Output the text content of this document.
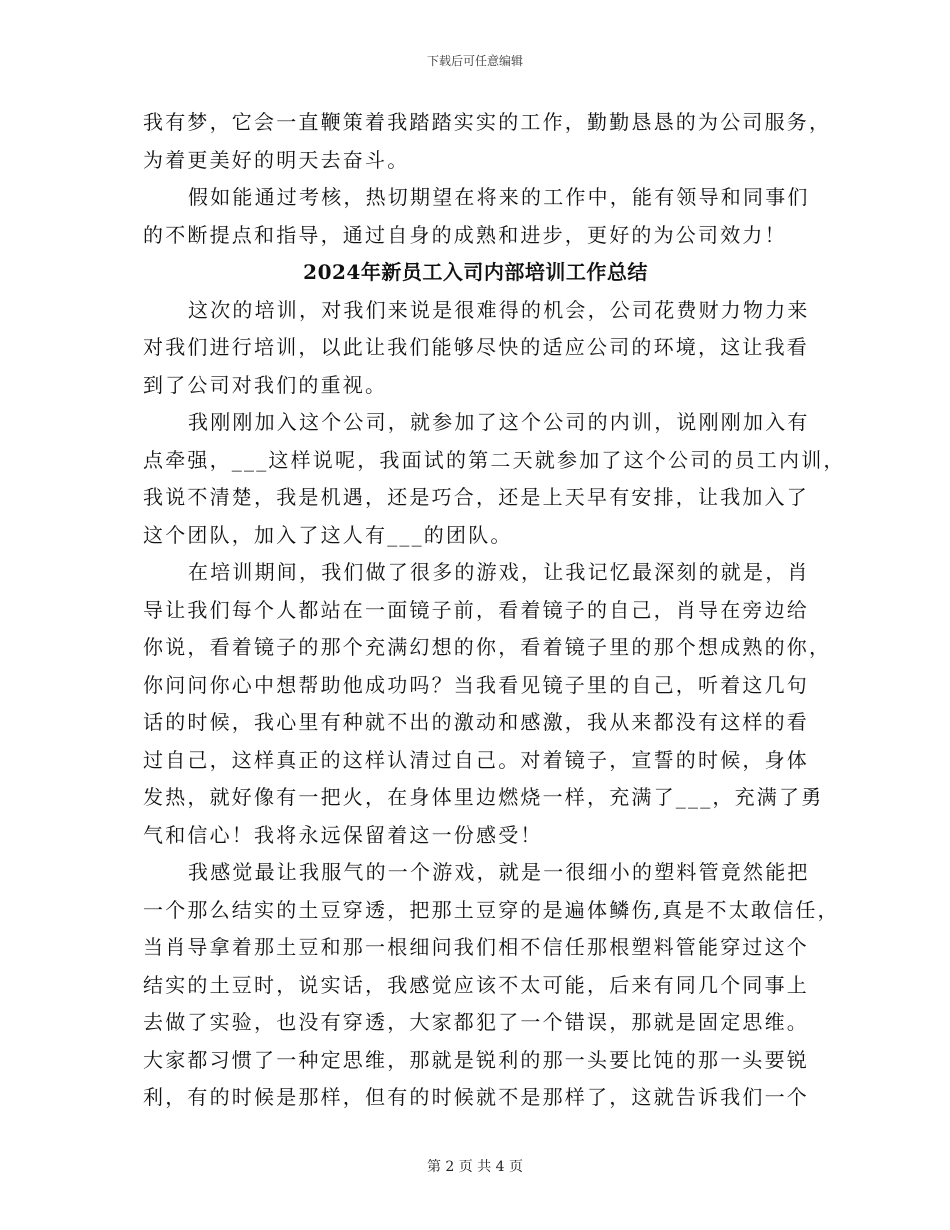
下载后可任意编辑
我有梦，它会一直鞭策着我踏踏实实的工作，勤勤恳恳的为公司服务，
为着更美好的明天去奋斗。
假如能通过考核，热切期望在将来的工作中，能有领导和同事们
的不断提点和指导，通过自身的成熟和进步，更好的为公司效力！
2024年新员工入司内部培训工作总结
这次的培训，对我们来说是很难得的机会，公司花费财力物力来
对我们进行培训，以此让我们能够尽快的适应公司的环境，这让我看
到了公司对我们的重视。
我刚刚加入这个公司，就参加了这个公司的内训，说刚刚加入有
点牵强，___这样说呢，我面试的第二天就参加了这个公司的员工内训，
我说不清楚，我是机遇，还是巧合，还是上天早有安排，让我加入了
这个团队，加入了这人有___的团队。
在培训期间，我们做了很多的游戏，让我记忆最深刻的就是，肖
导让我们每个人都站在一面镜子前，看着镜子的自己，肖导在旁边给
你说，看着镜子的那个充满幻想的你，看着镜子里的那个想成熟的你，
你问问你心中想帮助他成功吗？当我看见镜子里的自己，听着这几句
话的时候，我心里有种就不出的激动和感激，我从来都没有这样的看
过自己，这样真正的这样认清过自己。对着镜子，宣誓的时候，身体
发热，就好像有一把火，在身体里边燃烧一样，充满了___，充满了勇
气和信心！我将永远保留着这一份感受！
我感觉最让我服气的一个游戏，就是一很细小的塑料管竟然能把
一个那么结实的土豆穿透，把那土豆穿的是遍体鳞伤,真是不太敢信任，
当肖导拿着那土豆和那一根细问我们相不信任那根塑料管能穿过这个
结实的土豆时，说实话，我感觉应该不太可能，后来有同几个同事上
去做了实验，也没有穿透，大家都犯了一个错误，那就是固定思维。
大家都习惯了一种定思维，那就是锐利的那一头要比饨的那一头要锐
利，有的时候是那样，但有的时候就不是那样了，这就告诉我们一个
第 2 页 共 4 页
